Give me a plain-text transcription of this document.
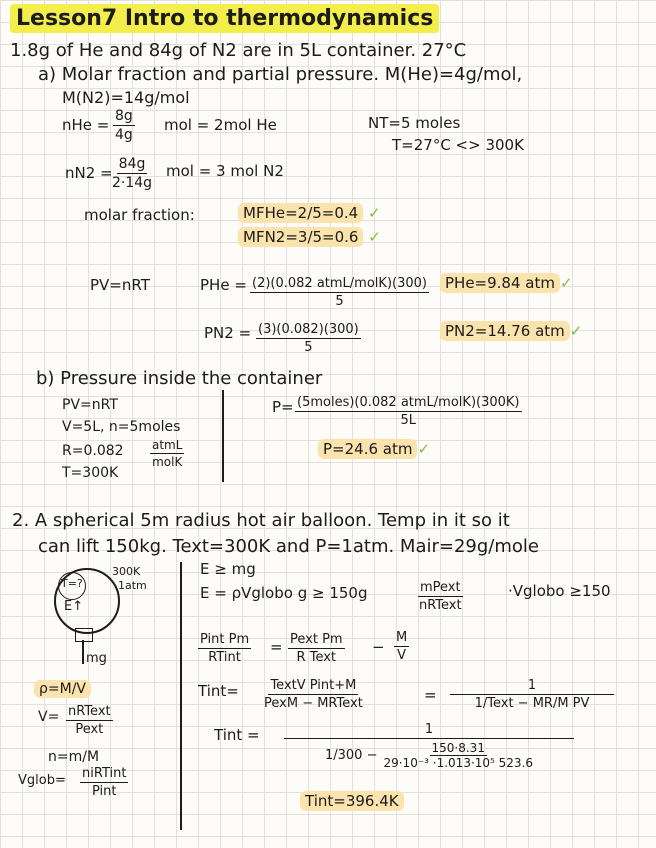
Lesson7 Intro to thermodynamics
1.8g of He and 84g of N2 are in 5L container. 27°C
a) Molar fraction and partial pressure. M(He)=4g/mol,
M(N2)=14g/mol
nHe = $\frac{8g}{4g}$ mol = 2mol He	NT=5 moles
T=27°C <> 300K
$nN2 = \frac{84g}{2\cdot 14g}$ mol = 3 mol N2
molar fraction:	MFHe=2/5=0.4 ✓
MFN2=3/5=0.6 ✓
PV=nRT	PHe = (2)(0.082 atmL/molK)(300)
5
PHe=9.84 atm ✓
$PN2 = \frac{(3)(0.082)(300)}{5}$	PN2=14.76 atm ✓
b) Pressure inside the container
PV=nRT
V=5L, n=5moles
R=0.082 atmL
molK
T=300K
P= (5moles)(0.082 atmL/molK)(300K)
5L
P=24.6 atm ✓
2. A spherical 5m radius hot air balloon. Temp in it so it
can lift 150kg. Text=300K and P=1atm. Mair=29g/mole
T=?
E↑
mg
300K
1atm
ρ=M/V
V= nRText
Pext
n=m/M
Vglob= niRTint
Pint
E ≥ mg
E = ρVglobo g ≥ 150g	mPext
nRText
·Vglobo ≥150
Pint Pm
RTint
= Pext Pm
R Text
− $\frac{M}{V}$
Tint= TextV Pint+M
PexM − MRText	=
1
1/Text − MR/M PV
Tint =	1
$1/300 - \frac{150\cdot 8.31}{\text{29·10⁻³ ·1.013·10⁵ 523.6}}$
Tint=396.4K
